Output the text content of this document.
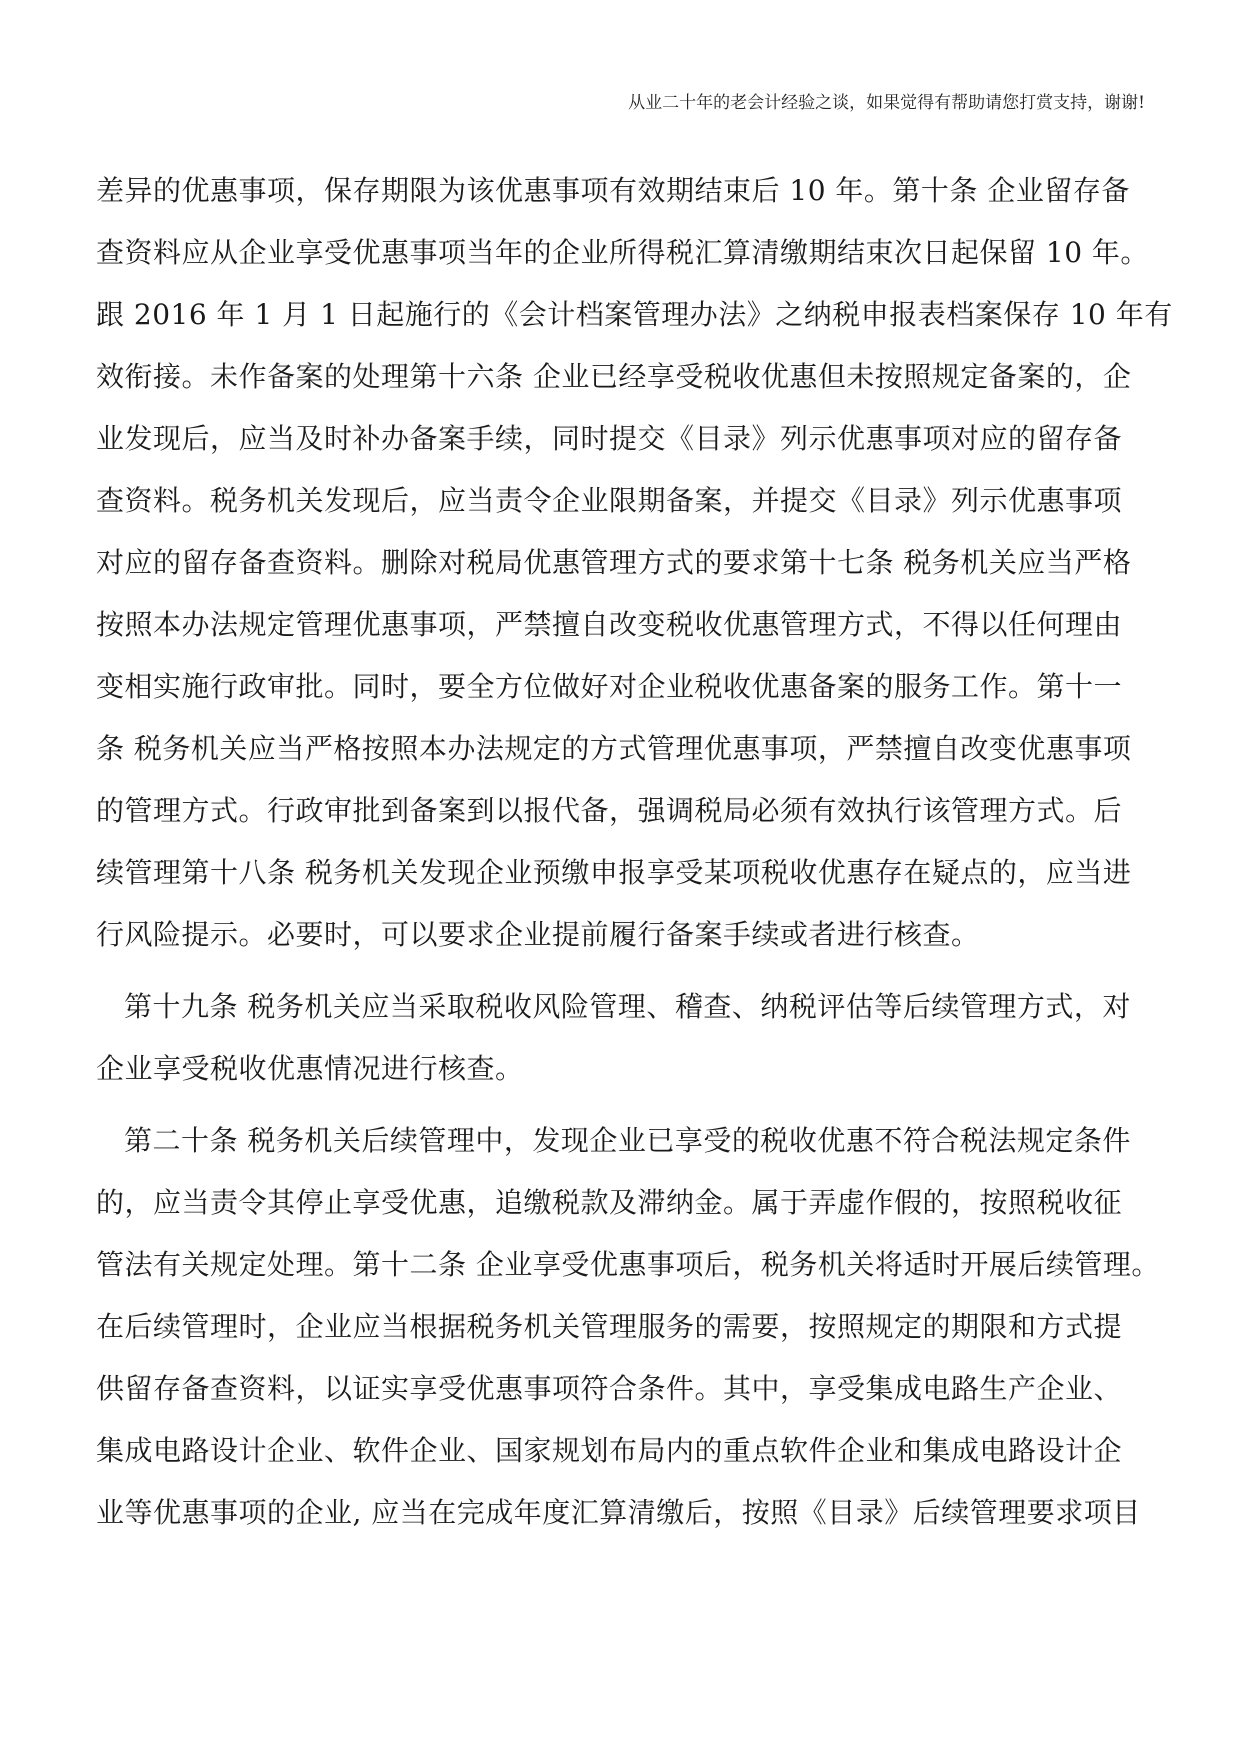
从业二十年的老会计经验之谈，如果觉得有帮助请您打赏支持，谢谢!
差异的优惠事项，保存期限为该优惠事项有效期结束后 10 年。第十条 企业留存备
查资料应从企业享受优惠事项当年的企业所得税汇算清缴期结束次日起保留 10 年。
跟 2016 年 1 月 1 日起施行的《会计档案管理办法》之纳税申报表档案保存 10 年有
效衔接。未作备案的处理第十六条 企业已经享受税收优惠但未按照规定备案的，企
业发现后，应当及时补办备案手续，同时提交《目录》列示优惠事项对应的留存备
查资料。税务机关发现后，应当责令企业限期备案，并提交《目录》列示优惠事项
对应的留存备查资料。删除对税局优惠管理方式的要求第十七条 税务机关应当严格
按照本办法规定管理优惠事项，严禁擅自改变税收优惠管理方式，不得以任何理由
变相实施行政审批。同时，要全方位做好对企业税收优惠备案的服务工作。第十一
条 税务机关应当严格按照本办法规定的方式管理优惠事项，严禁擅自改变优惠事项
的管理方式。行政审批到备案到以报代备，强调税局必须有效执行该管理方式。后
续管理第十八条 税务机关发现企业预缴申报享受某项税收优惠存在疑点的，应当进
行风险提示。必要时，可以要求企业提前履行备案手续或者进行核查。
第十九条 税务机关应当采取税收风险管理、稽查、纳税评估等后续管理方式，对
企业享受税收优惠情况进行核查。
第二十条 税务机关后续管理中，发现企业已享受的税收优惠不符合税法规定条件
的，应当责令其停止享受优惠，追缴税款及滞纳金。属于弄虚作假的，按照税收征
管法有关规定处理。第十二条 企业享受优惠事项后，税务机关将适时开展后续管理。
在后续管理时，企业应当根据税务机关管理服务的需要，按照规定的期限和方式提
供留存备查资料，以证实享受优惠事项符合条件。其中，享受集成电路生产企业、
集成电路设计企业、软件企业、国家规划布局内的重点软件企业和集成电路设计企
业等优惠事项的企业, 应当在完成年度汇算清缴后，按照《目录》后续管理要求项目
